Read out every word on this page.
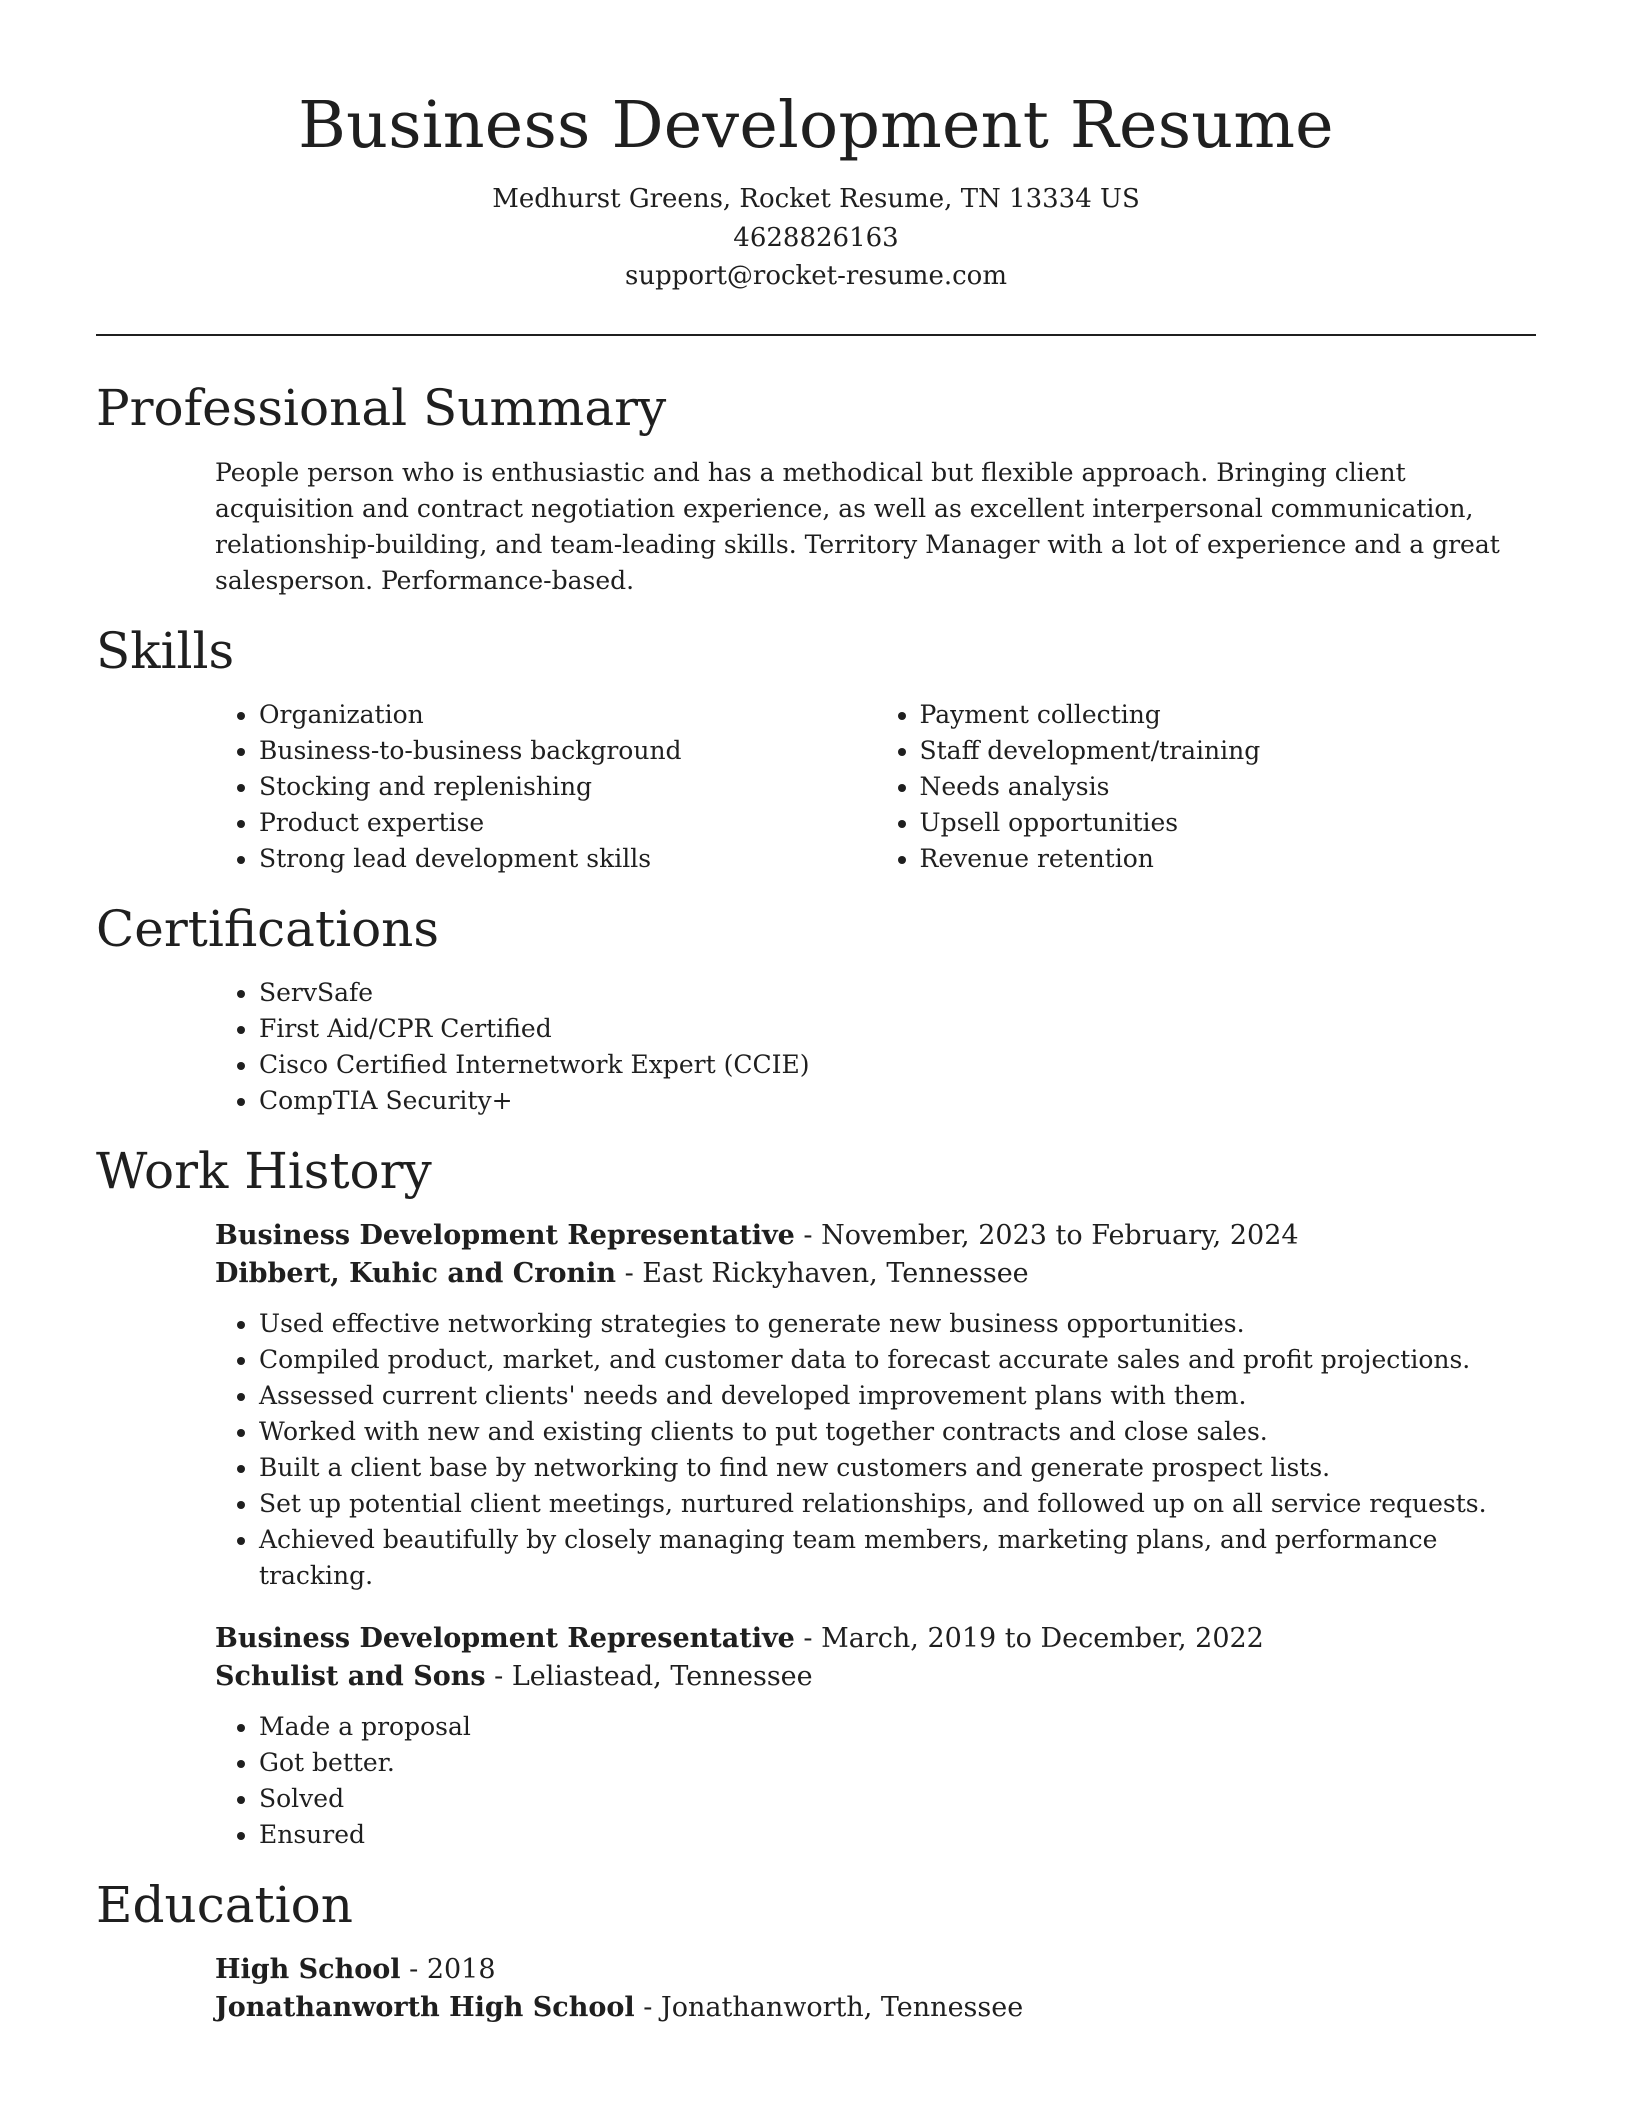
Business Development Resume

Medhurst Greens, Rocket Resume, TN 13334 US

4628826163

support@rocket-resume.com

Professional Summary

People person who is enthusiastic and has a methodical but flexible approach. Bringing client acquisition and contract negotiation experience, as well as excellent interpersonal communication, relationship-building, and team-leading skills. Territory Manager with a lot of experience and a great salesperson. Performance-based.

Skills
• Organization
• Business-to-business background
• Stocking and replenishing
• Product expertise
• Strong lead development skills
• Payment collecting
• Staff development/training
• Needs analysis
• Upsell opportunities
• Revenue retention
Certifications
• ServSafe
• First Aid/CPR Certified
• Cisco Certified Internetwork Expert (CCIE)
• CompTIA Security+
Work History
Business Development Representative - November, 2023 to February, 2024
Dibbert, Kuhic and Cronin - East Rickyhaven, Tennessee
• Used effective networking strategies to generate new business opportunities.
• Compiled product, market, and customer data to forecast accurate sales and profit projections.
• Assessed current clients' needs and developed improvement plans with them.
• Worked with new and existing clients to put together contracts and close sales.
• Built a client base by networking to find new customers and generate prospect lists.
• Set up potential client meetings, nurtured relationships, and followed up on all service requests.
• Achieved beautifully by closely managing team members, marketing plans, and performance tracking.
Business Development Representative - March, 2019 to December, 2022
Schulist and Sons - Leliastead, Tennessee
• Made a proposal
• Got better.
• Solved
• Ensured
Education
High School - 2018
Jonathanworth High School - Jonathanworth, Tennessee
